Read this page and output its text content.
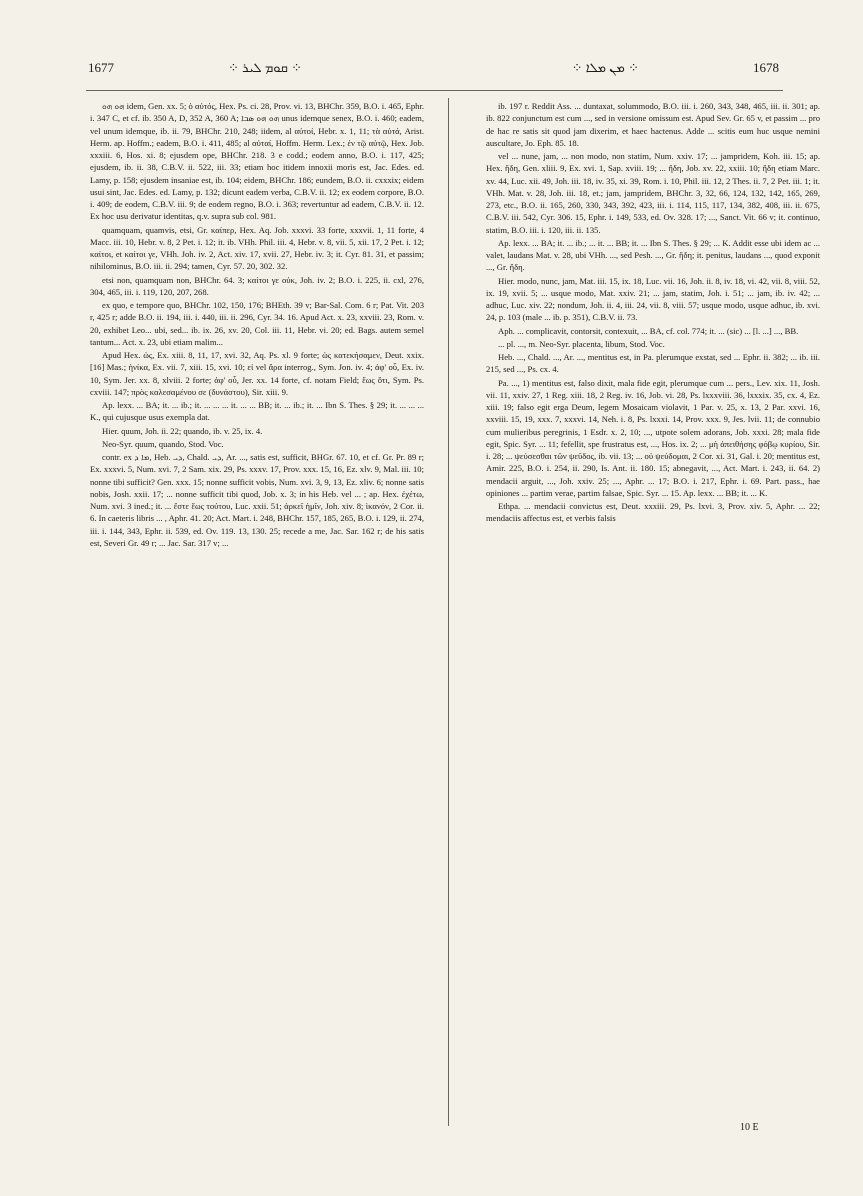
1677	⁘ ܩܘܡ ܠܝܪ ⁘	⁘ ܡܢ ܡܠܐ ⁘	1678

ܗܘ ܗܘ idem, Gen. xx. 5; ὁ αὐτός, Hex. Ps. ci. 28, Prov. vi. 13, BHChr. 359, B.O. i. 465, Ephr. i. 347 C, et cf. ib. 350 A, D, 352 A, 360 A; ܗܘ ܗܘ ܣܒܐ unus idemque senex, B.O. i. 460; eadem, vel unum idemque, ib. ii. 79, BHChr. 210, 248; iidem, al αὐτοί, Hebr. x. 1, 11; τὰ αὐτά, Arist. Herm. ap. Hoffm.; eadem, B.O. i. 411, 485; al αὐταί, Hoffm. Herm. Lex.; ἐν τῷ αὐτῷ, Hex. Job. xxxiii. 6, Hos. xi. 8; ejusdem ope, BHChr. 218. 3 e codd.; eodem anno, B.O. i. 117, 425; ejusdem, ib. ii. 38, C.B.V. ii. 522, iii. 33; etiam hoc itidem innoxii moris est, Jac. Edes. ed. Lamy, p. 158; ejusdem insaniae est, ib. 104; eidem, BHChr. 186; eundem, B.O. ii. cxxxix; eidem usui sint, Jac. Edes. ed. Lamy, p. 132; dicunt eadem verba, C.B.V. ii. 12; ex eodem corpore, B.O. i. 409; de eodem, C.B.V. iii. 9; de eodem regno, B.O. i. 363; revertuntur ad eadem, C.B.V. ii. 12. Ex hoc usu derivatur identitas, q.v. supra sub col. 981.

quamquam, quamvis, etsi, Gr. καίπερ, Hex. Aq. Job. xxxvi. 33 forte, xxxvii. 1, 11 forte, 4 Macc. iii. 10, Hebr. v. 8, 2 Pet. i. 12; it. ib. VHh. Phil. iii. 4, Hebr. v. 8, vii. 5, xii. 17, 2 Pet. i. 12; καίτοι, et καίτοι γε, VHh. Joh. iv. 2, Act. xiv. 17, xvii. 27, Hebr. iv. 3; it. Cyr. 81. 31, et passim; nihilominus, B.O. iii. ii. 294; tamen, Cyr. 57. 20, 302. 32.

etsi non, quamquam non, BHChr. 64. 3; καίτοι γε οὐκ, Joh. iv. 2; B.O. i. 225, ii. cxl, 276, 304, 465, iii. i. 119, 120, 207, 268.

ex quo, e tempore quo, BHChr. 102, 150, 176; BHEth. 39 v; Bar-Sal. Com. 6 r; Pat. Vit. 203 r, 425 r; adde B.O. ii. 194, iii. i. 440, iii. ii. 296, Cyr. 34. 16. Apud Act. x. 23, xxviii. 23, Rom. v. 20, exhibet Leo... ubi, sed... ib. ix. 26, xv. 20, Col. iii. 11, Hebr. vi. 20; ed. Bags. autem semel tantum... Act. x. 23, ubi etiam malim...

Apud Hex. ὡς, Ex. xiii. 8, 11, 17, xvi. 32, Aq. Ps. xl. 9 forte; ὡς κατεκήσαμεν, Deut. xxix. [16] Mas.; ἡνίκα, Ex. vii. 7, xiii. 15, xvi. 10; εἰ vel ἄρα interrog., Sym. Jon. iv. 4; ἀφ' οὗ, Ex. iv. 10, Sym. Jer. xx. 8, xlviii. 2 forte; ἀφ' οὗ, Jer. xx. 14 forte, cf. notam Field; ἕως ὅτι, Sym. Ps. cxviii. 147; πρὸς καλεσαμένου σε (δυνάστου), Sir. xiii. 9.

Ap. lexx. ... BA; it. ... ib.; it. ... ... ... it. ... ... BB; it. ... ib.; it. ... Ibn S. Thes. § 29; it. ... ... ... K., qui cujusque usus exempla dat.

Hier. quum, Joh. ii. 22; quando, ib. v. 25, ix. 4.

Neo-Syr. quum, quando, Stod. Voc.

contr. ex ܡܐ ܕ, Heb. ܕܝ, Chald. ܕܝ, Ar. ..., satis est, sufficit, BHGr. 67. 10, et cf. Gr. Pr. 89 r; Ex. xxxvi. 5, Num. xvi. 7, 2 Sam. xix. 29, Ps. xxxv. 17, Prov. xxx. 15, 16, Ez. xlv. 9, Mal. iii. 10; nonne tibi sufficit? Gen. xxx. 15; nonne sufficit vobis, Num. xvi. 3, 9, 13, Ez. xliv. 6; nonne satis nobis, Josh. xxii. 17; ... nonne sufficit tibi quod, Job. x. 3; in his Heb. vel ... ; ap. Hex. ἐχέτω, Num. xvi. 3 ined.; it. ... ἔστε ἕως τούτου, Luc. xxii. 51; ἀρκεῖ ἡμῖν, Joh. xiv. 8; ἱκανόν, 2 Cor. ii. 6. In caeteris libris ... , Aphr. 41. 20; Act. Mart. i. 248, BHChr. 157, 185, 265, B.O. i. 129, ii. 274, iii. i. 144, 343, Ephr. ii. 539, ed. Ov. 119. 13, 130. 25; recede a me, Jac. Sar. 162 r; de his satis est, Severi Gr. 49 r; ... Jac. Sar. 317 v; ...

ib. 197 r. Reddit Ass. ... duntaxat, solummodo, B.O. iii. i. 260, 343, 348, 465, iii. ii. 301; ap. ib. 822 conjunctum est cum ..., sed in versione omissum est. Apud Sev. Gr. 65 v, et passim ... pro de hac re satis sit quod jam dixerim, et haec hactenus. Adde ... scitis eum huc usque nemini auscultare, Jo. Eph. 85. 18.

vel ... nune, jam, ... non modo, non statim, Num. xxiv. 17; ... jampridem, Koh. iii. 15; ap. Hex. ἤδη, Gen. xliii. 9, Ex. xvi. 1, Sap. xviii. 19; ... ἤδη, Job. xv. 22, xxiii. 10; ἤδη etiam Marc. xv. 44, Luc. xii. 49, Joh. iii. 18, iv. 35, xi. 39, Rom. i. 10, Phil. iii. 12, 2 Thes. ii. 7, 2 Pet. iii. 1; it. VHh. Mat. v. 28, Joh. iii. 18, et.; jam, jampridem, BHChr. 3, 32, 66, 124, 132, 142, 165, 269, 273, etc., B.O. ii. 165, 260, 330, 343, 392, 423, iii. i. 114, 115, 117, 134, 382, 408, iii. ii. 675, C.B.V. iii. 542, Cyr. 306. 15, Ephr. i. 149, 533, ed. Ov. 328. 17; ..., Sanct. Vit. 66 v; it. continuo, statim, B.O. iii. i. 120, iii. ii. 135.

Ap. lexx. ... BA; it. ... ib.; ... it. ... BB; it. ... Ibn S. Thes. § 29; ... K. Addit esse ubi idem ac ... valet, laudans Mat. v. 28, ubi VHh. ..., sed Pesh. ..., Gr. ἤδη; it. penitus, laudans ..., quod exponit ..., Gr. ἤδη.

Hier. modo, nunc, jam, Mat. iii. 15, ix. 18, Luc. vii. 16, Joh. ii. 8, iv. 18, vi. 42, vii. 8, viii. 52, ix. 19, xvii. 5; ... usque modo, Mat. xxiv. 21; ... jam, statim, Joh. i. 51; ... jam, ib. iv. 42; ... adhuc, Luc. xiv. 22; nondum, Joh. ii. 4, iii. 24, vii. 8, viii. 57; usque modo, usque adhuc, ib. xvi. 24, p. 103 (male ... ib. p. 351), C.B.V. ii. 73.

Aph. ... complicavit, contorsit, contexuit, ... BA, cf. col. 774; it. ... (sic) ... [l. ...] ..., BB.

... pl. ..., m. Neo-Syr. placenta, libum, Stod. Voc.

Heb. ..., Chald. ..., Ar. ..., mentitus est, in Pa. plerumque exstat, sed ... Ephr. ii. 382; ... ib. iii. 215, sed ..., Ps. cx. 4.

Pa. ..., 1) mentitus est, falso dixit, mala fide egit, plerumque cum ... pers., Lev. xix. 11, Josh. vii. 11, xxiv. 27, 1 Reg. xiii. 18, 2 Reg. iv. 16, Job. vi. 28, Ps. lxxxviii. 36, lxxxix. 35, cx. 4, Ez. xiii. 19; falso egit erga Deum, legem Mosaicam violavit, 1 Par. v. 25, x. 13, 2 Par. xxvi. 16, xxviii. 15, 19, xxx. 7, xxxvi. 14, Neh. i. 8, Ps. lxxxi. 14, Prov. xxx. 9, Jes. lvii. 11; de connubio cum mulieribus peregrinis, 1 Esdr. x. 2, 10; ..., utpote solem adorans, Job. xxxi. 28; mala fide egit, Spic. Syr. ... 11; fefellit, spe frustratus est, ..., Hos. ix. 2; ... μὴ ἀπειθήσης φόβῳ κυρίου, Sir. i. 28; ... ψεύσεσθαι τῶν ψεῦδος, ib. vii. 13; ... οὐ ψεύδομαι, 2 Cor. xi. 31, Gal. i. 20; mentitus est, Amir. 225, B.O. i. 254, ii. 290, Is. Ant. ii. 180. 15; abnegavit, ..., Act. Mart. i. 243, ii. 64. 2) mendacii arguit, ..., Joh. xxiv. 25; ..., Aphr. ... 17; B.O. i. 217, Ephr. i. 69. Part. pass., hae opiniones ... partim verae, partim falsae, Spic. Syr. ... 15. Ap. lexx. ... BB; it. ... K.

Ethpa. ... mendacii convictus est, Deut. xxxiii. 29, Ps. lxvi. 3, Prov. xiv. 5, Aphr. ... 22; mendaciis affectus est, et verbis falsis

10 E
